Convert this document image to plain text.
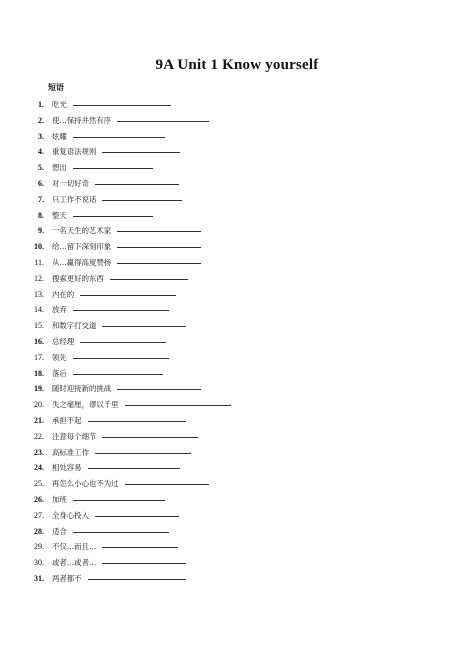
9A Unit 1 Know yourself
短语
1.	吃光
2.	使…保持井然有序
3.	炫耀
4.	重复语法规则
5.	想出
6.	对一切好奇
7.	只工作不说话
8.	整天
9.	一名天生的艺术家
10.	给…留下深刻印象
11.	从…赢得高度赞扬
12.	搜索更好的东西
13.	内在的
14.	放弃
15.	和数字打交道
16.	总经理
17.	领先
18.	落后
19.	随时迎接新的挑战
20.	失之毫厘，谬以千里
21.	承担不起
22.	注意每个细节
23.	高标准工作
24.	相处容易
25.	再怎么小心也不为过
26.	加班
27.	全身心投入
28.	适合
29.	不仅…而且…
30.	或者…或者…
31.	两者都不
